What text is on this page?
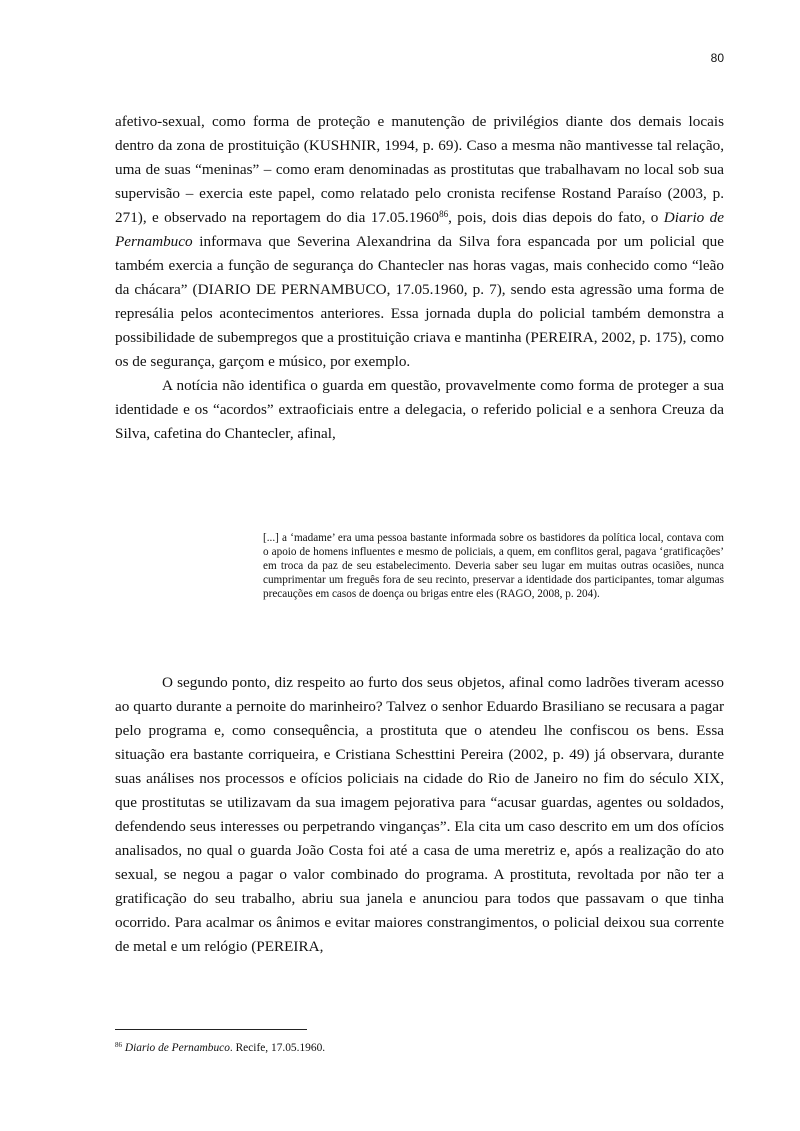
80

afetivo-sexual, como forma de proteção e manutenção de privilégios diante dos demais locais dentro da zona de prostituição (KUSHNIR, 1994, p. 69). Caso a mesma não mantivesse tal relação, uma de suas “meninas” – como eram denominadas as prostitutas que trabalhavam no local sob sua supervisão – exercia este papel, como relatado pelo cronista recifense Rostand Paraíso (2003, p. 271), e observado na reportagem do dia 17.05.1960$^{86}$, pois, dois dias depois do fato, o Diario de Pernambuco informava que Severina Alexandrina da Silva fora espancada por um policial que também exercia a função de segurança do Chantecler nas horas vagas, mais conhecido como “leão da chácara” (DIARIO DE PERNAMBUCO, 17.05.1960, p. 7), sendo esta agressão uma forma de represália pelos acontecimentos anteriores. Essa jornada dupla do policial também demonstra a possibilidade de subempregos que a prostituição criava e mantinha (PEREIRA, 2002, p. 175), como os de segurança, garçom e músico, por exemplo.

A notícia não identifica o guarda em questão, provavelmente como forma de proteger a sua identidade e os “acordos” extraoficiais entre a delegacia, o referido policial e a senhora Creuza da Silva, cafetina do Chantecler, afinal,

[...] a ‘madame’ era uma pessoa bastante informada sobre os bastidores da política local, contava com o apoio de homens influentes e mesmo de policiais, a quem, em conflitos geral, pagava ‘gratificações’ em troca da paz de seu estabelecimento. Deveria saber seu lugar em muitas outras ocasiões, nunca cumprimentar um freguês fora de seu recinto, preservar a identidade dos participantes, tomar algumas precauções em casos de doença ou brigas entre eles (RAGO, 2008, p. 204).

O segundo ponto, diz respeito ao furto dos seus objetos, afinal como ladrões tiveram acesso ao quarto durante a pernoite do marinheiro? Talvez o senhor Eduardo Brasiliano se recusara a pagar pelo programa e, como consequência, a prostituta que o atendeu lhe confiscou os bens. Essa situação era bastante corriqueira, e Cristiana Schesttini Pereira (2002, p. 49) já observara, durante suas análises nos processos e ofícios policiais na cidade do Rio de Janeiro no fim do século XIX, que prostitutas se utilizavam da sua imagem pejorativa para “acusar guardas, agentes ou soldados, defendendo seus interesses ou perpetrando vinganças”. Ela cita um caso descrito em um dos ofícios analisados, no qual o guarda João Costa foi até a casa de uma meretriz e, após a realização do ato sexual, se negou a pagar o valor combinado do programa. A prostituta, revoltada por não ter a gratificação do seu trabalho, abriu sua janela e anunciou para todos que passavam o que tinha ocorrido. Para acalmar os ânimos e evitar maiores constrangimentos, o policial deixou sua corrente de metal e um relógio (PEREIRA,

$^{86}$ Diario de Pernambuco. Recife, 17.05.1960.
